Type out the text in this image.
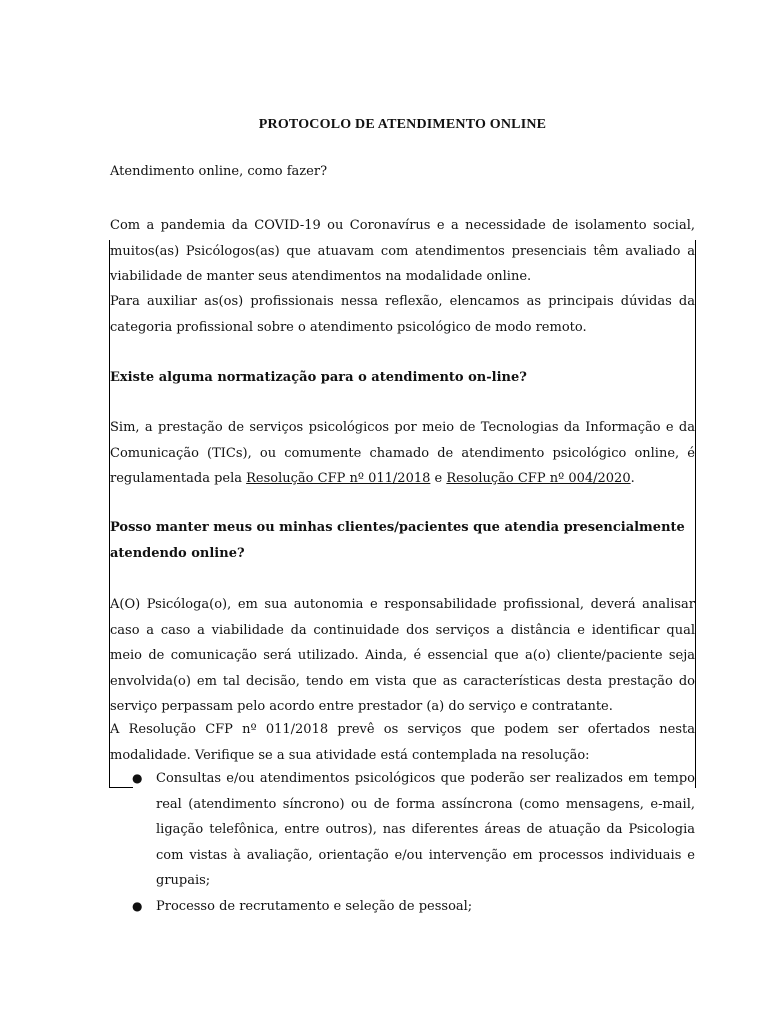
PROTOCOLO DE ATENDIMENTO ONLINE
Atendimento online, como fazer?
Com a pandemia da COVID-19 ou Coronavírus e a necessidade de isolamento social, muitos(as) Psicólogos(as) que atuavam com atendimentos presenciais têm avaliado a viabilidade de manter seus atendimentos na modalidade online.
Para auxiliar as(os) profissionais nessa reflexão, elencamos as principais dúvidas da categoria profissional sobre o atendimento psicológico de modo remoto.
Existe alguma normatização para o atendimento on-line?
Sim, a prestação de serviços psicológicos por meio de Tecnologias da Informação e da Comunicação (TICs), ou comumente chamado de atendimento psicológico online, é regulamentada pela Resolução CFP nº 011/2018 e Resolução CFP nº 004/2020.
Posso manter meus ou minhas clientes/pacientes que atendia presencialmente atendendo online?
A(O) Psicóloga(o), em sua autonomia e responsabilidade profissional, deverá analisar caso a caso a viabilidade da continuidade dos serviços a distância e identificar qual meio de comunicação será utilizado. Ainda, é essencial que a(o) cliente/paciente seja envolvida(o) em tal decisão, tendo em vista que as características desta prestação do serviço perpassam pelo acordo entre prestador (a) do serviço e contratante.
A Resolução CFP nº 011/2018 prevê os serviços que podem ser ofertados nesta modalidade. Verifique se a sua atividade está contemplada na resolução:
● Consultas e/ou atendimentos psicológicos que poderão ser realizados em tempo real (atendimento síncrono) ou de forma assíncrona (como mensagens, e-mail, ligação telefônica, entre outros), nas diferentes áreas de atuação da Psicologia com vistas à avaliação, orientação e/ou intervenção em processos individuais e grupais;
● Processo de recrutamento e seleção de pessoal;
